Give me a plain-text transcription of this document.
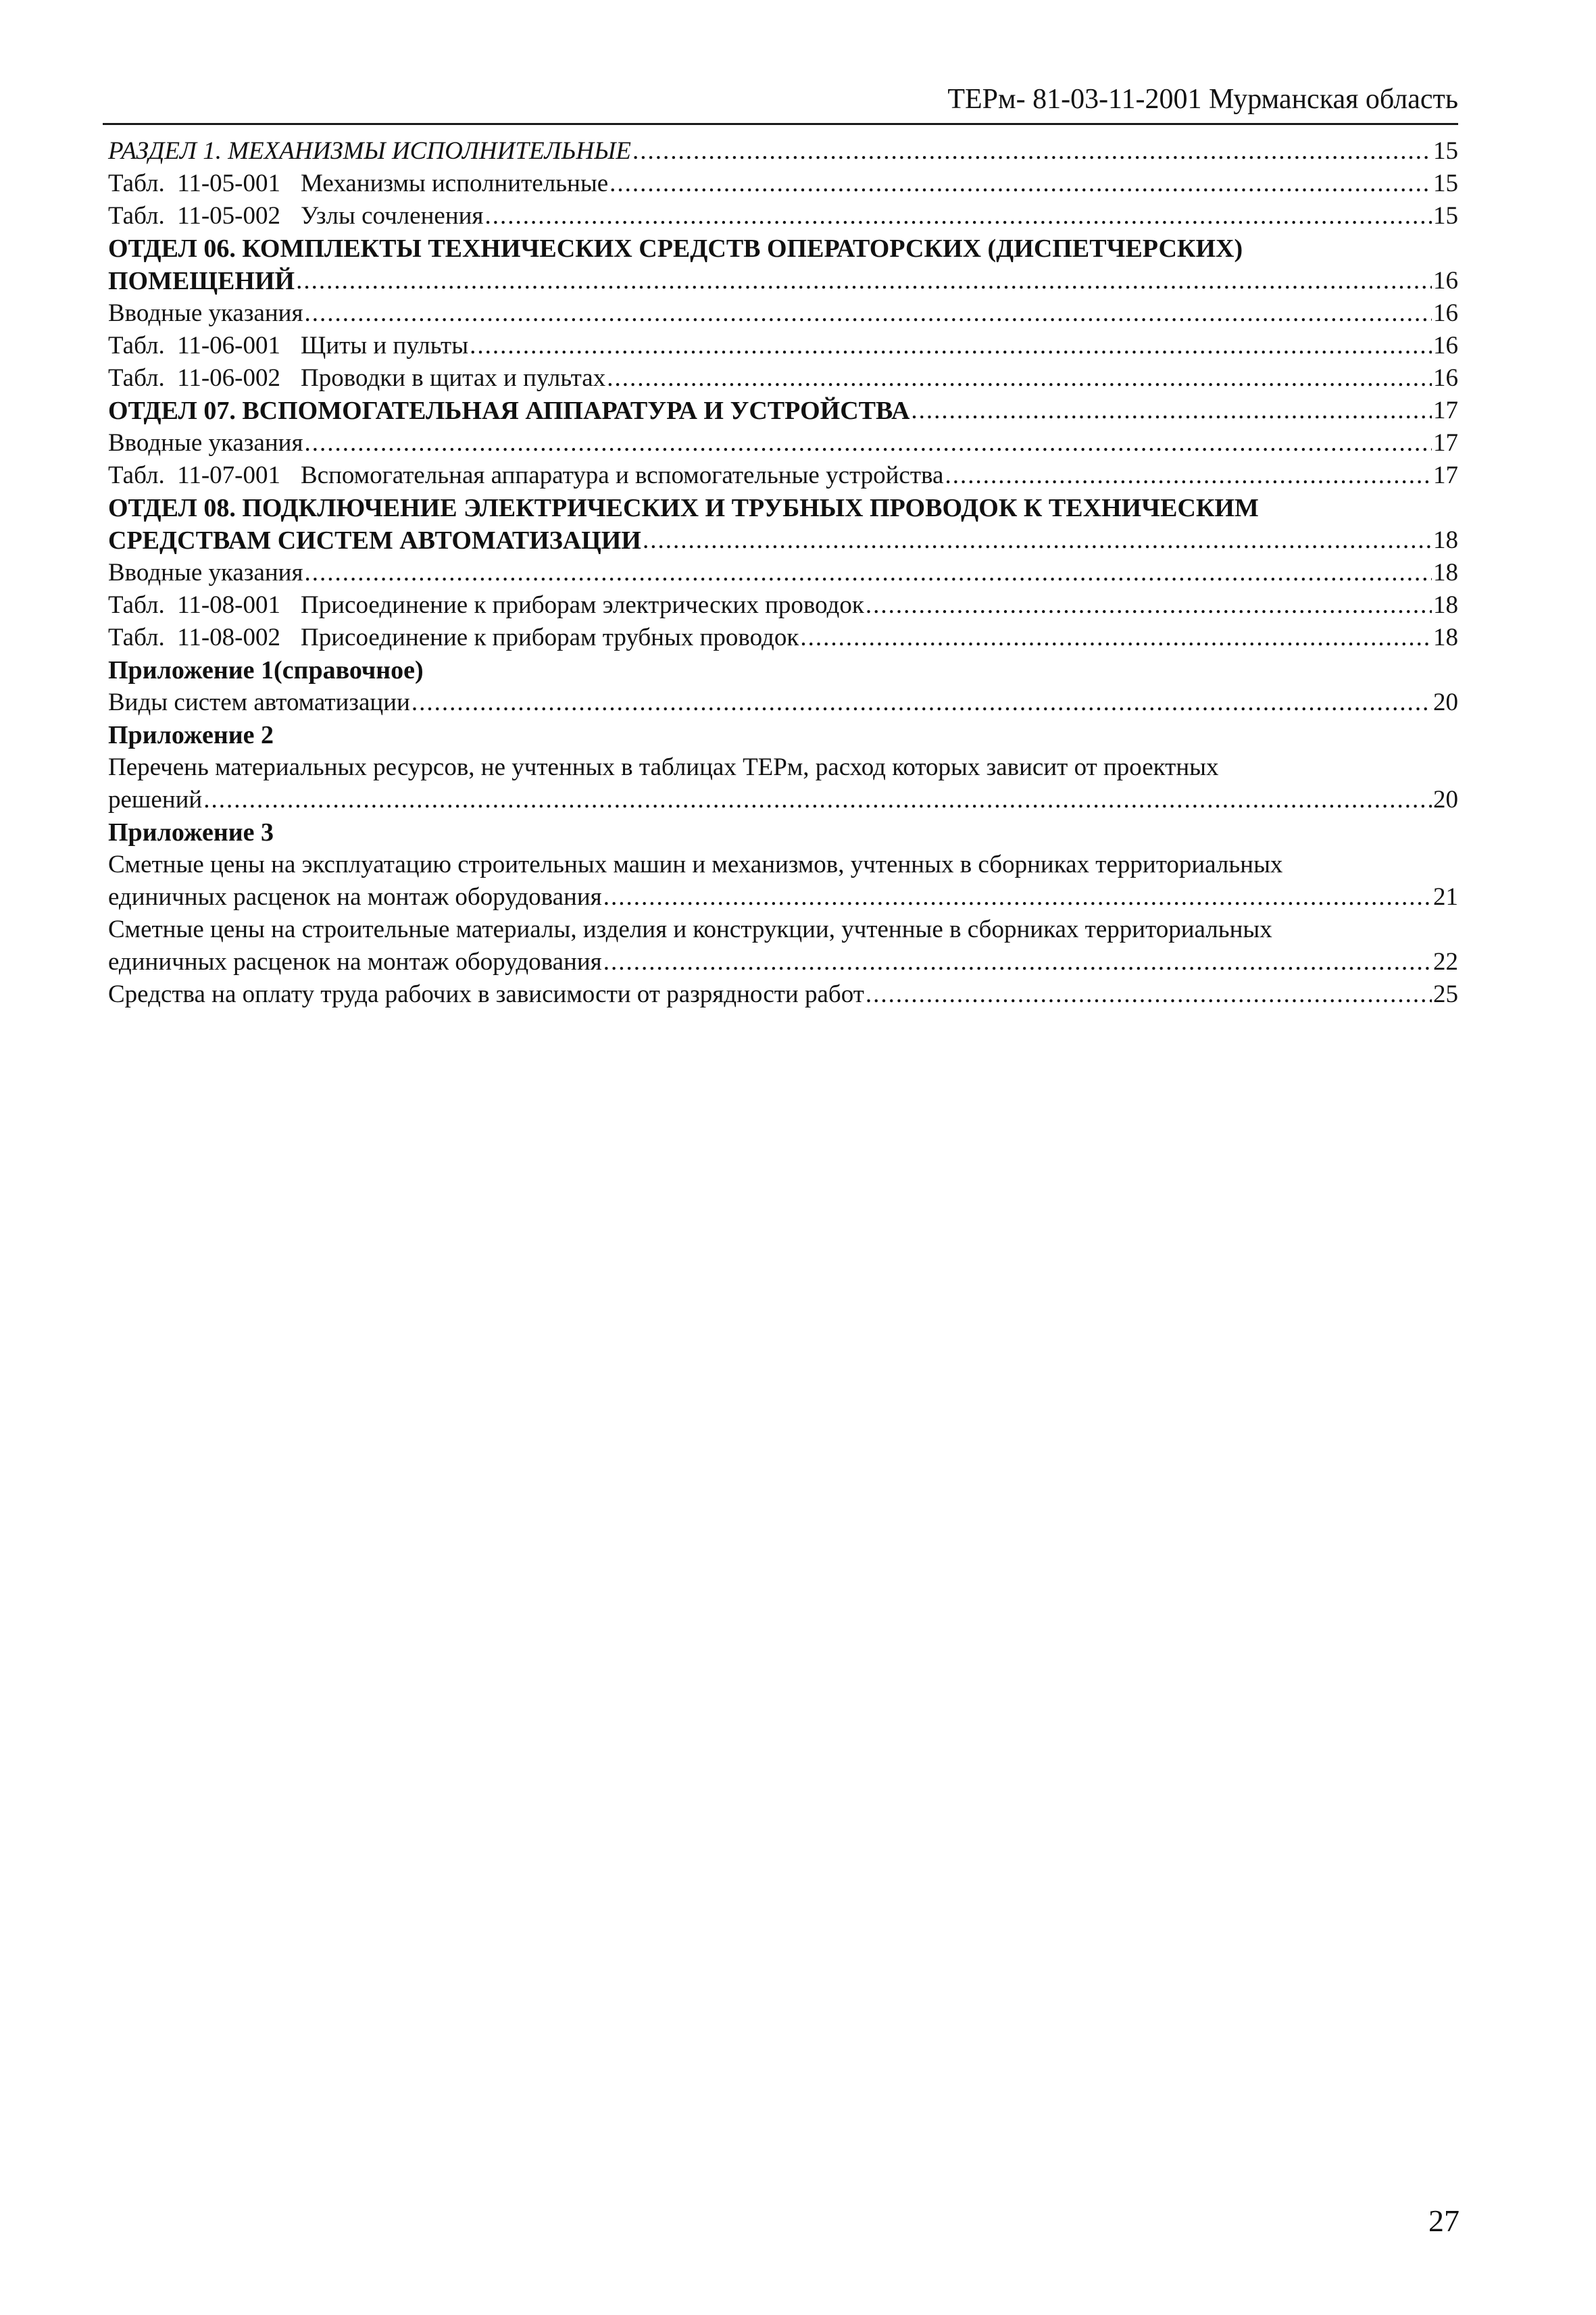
ТЕРм- 81-03-11-2001 Мурманская область
РАЗДЕЛ 1. МЕХАНИЗМЫ ИСПОЛНИТЕЛЬНЫЕ .....	15
Табл.  11-05-001 Механизмы исполнительные .....	15
Табл.  11-05-002 Узлы сочленения .....	15
ОТДЕЛ 06. КОМПЛЕКТЫ ТЕХНИЧЕСКИХ СРЕДСТВ ОПЕРАТОРСКИХ (ДИСПЕТЧЕРСКИХ)
ПОМЕЩЕНИЙ .....	16
Вводные указания .....	16
Табл.  11-06-001 Щиты и пульты .....	16
Табл.  11-06-002 Проводки в щитах и пультах .....	16
ОТДЕЛ 07. ВСПОМОГАТЕЛЬНАЯ АППАРАТУРА И УСТРОЙСТВА .....	17
Вводные указания .....	17
Табл.  11-07-001 Вспомогательная аппаратура и вспомогательные устройства .....	17
ОТДЕЛ 08. ПОДКЛЮЧЕНИЕ ЭЛЕКТРИЧЕСКИХ И ТРУБНЫХ ПРОВОДОК К ТЕХНИЧЕСКИМ
СРЕДСТВАМ СИСТЕМ АВТОМАТИЗАЦИИ .....	18
Вводные указания .....	18
Табл.  11-08-001 Присоединение к приборам электрических проводок .....	18
Табл.  11-08-002 Присоединение к приборам трубных проводок .....	18
Приложение 1(справочное)
Виды систем автоматизации .....	20
Приложение 2
Перечень материальных ресурсов, не учтенных в таблицах ТЕРм, расход которых зависит от проектных
решений .....	20
Приложение 3
Сметные цены на эксплуатацию строительных машин и механизмов, учтенных в сборниках территориальных
единичных расценок на монтаж оборудования .....	21
Сметные цены на строительные материалы, изделия и конструкции, учтенные в сборниках территориальных
единичных расценок на монтаж оборудования .....	22
Средства на оплату труда рабочих в зависимости от разрядности работ .....	25
27
